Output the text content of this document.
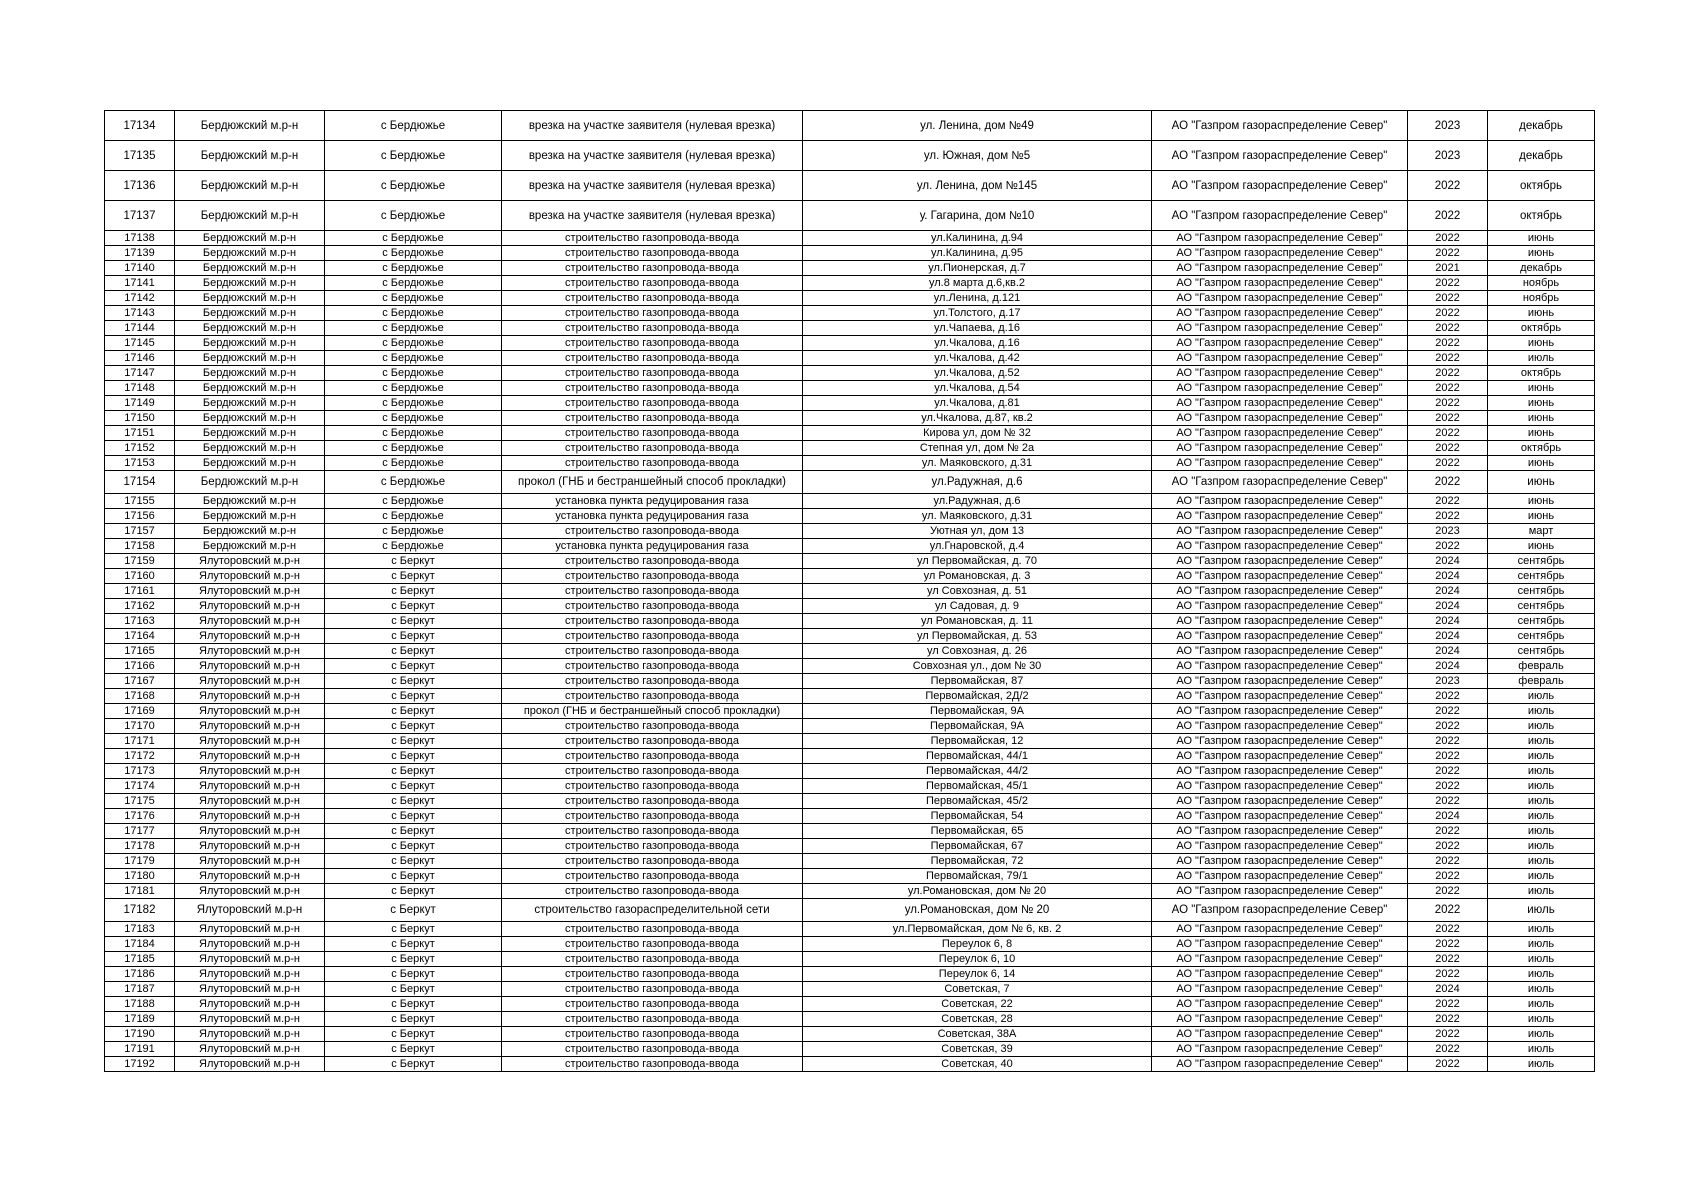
17134	Бердюжский м.р-н	с Бердюжье	врезка на участке заявителя (нулевая врезка)	ул. Ленина, дом №49	АО "Газпром газораспределение Север"	2023	декабрь
17135	Бердюжский м.р-н	с Бердюжье	врезка на участке заявителя (нулевая врезка)	ул. Южная, дом №5	АО "Газпром газораспределение Север"	2023	декабрь
17136	Бердюжский м.р-н	с Бердюжье	врезка на участке заявителя (нулевая врезка)	ул. Ленина, дом №145	АО "Газпром газораспределение Север"	2022	октябрь
17137	Бердюжский м.р-н	с Бердюжье	врезка на участке заявителя (нулевая врезка)	у. Гагарина, дом №10	АО "Газпром газораспределение Север"	2022	октябрь
17138	Бердюжский м.р-н	с Бердюжье	строительство газопровода-ввода	ул.Калинина, д.94	АО "Газпром газораспределение Север"	2022	июнь
17139	Бердюжский м.р-н	с Бердюжье	строительство газопровода-ввода	ул.Калинина, д.95	АО "Газпром газораспределение Север"	2022	июнь
17140	Бердюжский м.р-н	с Бердюжье	строительство газопровода-ввода	ул.Пионерская, д.7	АО "Газпром газораспределение Север"	2021	декабрь
17141	Бердюжский м.р-н	с Бердюжье	строительство газопровода-ввода	ул.8 марта д.6,кв.2	АО "Газпром газораспределение Север"	2022	ноябрь
17142	Бердюжский м.р-н	с Бердюжье	строительство газопровода-ввода	ул.Ленина, д.121	АО "Газпром газораспределение Север"	2022	ноябрь
17143	Бердюжский м.р-н	с Бердюжье	строительство газопровода-ввода	ул.Толстого, д.17	АО "Газпром газораспределение Север"	2022	июнь
17144	Бердюжский м.р-н	с Бердюжье	строительство газопровода-ввода	ул.Чапаева, д.16	АО "Газпром газораспределение Север"	2022	октябрь
17145	Бердюжский м.р-н	с Бердюжье	строительство газопровода-ввода	ул.Чкалова, д.16	АО "Газпром газораспределение Север"	2022	июнь
17146	Бердюжский м.р-н	с Бердюжье	строительство газопровода-ввода	ул.Чкалова, д.42	АО "Газпром газораспределение Север"	2022	июль
17147	Бердюжский м.р-н	с Бердюжье	строительство газопровода-ввода	ул.Чкалова, д.52	АО "Газпром газораспределение Север"	2022	октябрь
17148	Бердюжский м.р-н	с Бердюжье	строительство газопровода-ввода	ул.Чкалова, д.54	АО "Газпром газораспределение Север"	2022	июнь
17149	Бердюжский м.р-н	с Бердюжье	строительство газопровода-ввода	ул.Чкалова, д.81	АО "Газпром газораспределение Север"	2022	июнь
17150	Бердюжский м.р-н	с Бердюжье	строительство газопровода-ввода	ул.Чкалова, д.87, кв.2	АО "Газпром газораспределение Север"	2022	июнь
17151	Бердюжский м.р-н	с Бердюжье	строительство газопровода-ввода	Кирова ул, дом № 32	АО "Газпром газораспределение Север"	2022	июнь
17152	Бердюжский м.р-н	с Бердюжье	строительство газопровода-ввода	Степная ул, дом № 2а	АО "Газпром газораспределение Север"	2022	октябрь
17153	Бердюжский м.р-н	с Бердюжье	строительство газопровода-ввода	ул. Маяковского, д.31	АО "Газпром газораспределение Север"	2022	июнь
17154	Бердюжский м.р-н	с Бердюжье	прокол (ГНБ и бестраншейный способ прокладки)	ул.Радужная, д.6	АО "Газпром газораспределение Север"	2022	июнь
17155	Бердюжский м.р-н	с Бердюжье	установка пункта редуцирования газа	ул.Радужная, д.6	АО "Газпром газораспределение Север"	2022	июнь
17156	Бердюжский м.р-н	с Бердюжье	установка пункта редуцирования газа	ул. Маяковского, д.31	АО "Газпром газораспределение Север"	2022	июнь
17157	Бердюжский м.р-н	с Бердюжье	строительство газопровода-ввода	Уютная ул, дом 13	АО "Газпром газораспределение Север"	2023	март
17158	Бердюжский м.р-н	с Бердюжье	установка пункта редуцирования газа	ул.Гнаровской, д.4	АО "Газпром газораспределение Север"	2022	июнь
17159	Ялуторовский м.р-н	с Беркут	строительство газопровода-ввода	ул Первомайская, д. 70	АО "Газпром газораспределение Север"	2024	сентябрь
17160	Ялуторовский м.р-н	с Беркут	строительство газопровода-ввода	ул Романовская, д. 3	АО "Газпром газораспределение Север"	2024	сентябрь
17161	Ялуторовский м.р-н	с Беркут	строительство газопровода-ввода	ул Совхозная, д. 51	АО "Газпром газораспределение Север"	2024	сентябрь
17162	Ялуторовский м.р-н	с Беркут	строительство газопровода-ввода	ул Садовая, д. 9	АО "Газпром газораспределение Север"	2024	сентябрь
17163	Ялуторовский м.р-н	с Беркут	строительство газопровода-ввода	ул Романовская, д. 11	АО "Газпром газораспределение Север"	2024	сентябрь
17164	Ялуторовский м.р-н	с Беркут	строительство газопровода-ввода	ул Первомайская, д. 53	АО "Газпром газораспределение Север"	2024	сентябрь
17165	Ялуторовский м.р-н	с Беркут	строительство газопровода-ввода	ул Совхозная, д. 26	АО "Газпром газораспределение Север"	2024	сентябрь
17166	Ялуторовский м.р-н	с Беркут	строительство газопровода-ввода	Совхозная ул., дом № 30	АО "Газпром газораспределение Север"	2024	февраль
17167	Ялуторовский м.р-н	с Беркут	строительство газопровода-ввода	Первомайская, 87	АО "Газпром газораспределение Север"	2023	февраль
17168	Ялуторовский м.р-н	с Беркут	строительство газопровода-ввода	Первомайская, 2Д/2	АО "Газпром газораспределение Север"	2022	июль
17169	Ялуторовский м.р-н	с Беркут	прокол (ГНБ и бестраншейный способ прокладки)	Первомайская, 9А	АО "Газпром газораспределение Север"	2022	июль
17170	Ялуторовский м.р-н	с Беркут	строительство газопровода-ввода	Первомайская, 9А	АО "Газпром газораспределение Север"	2022	июль
17171	Ялуторовский м.р-н	с Беркут	строительство газопровода-ввода	Первомайская, 12	АО "Газпром газораспределение Север"	2022	июль
17172	Ялуторовский м.р-н	с Беркут	строительство газопровода-ввода	Первомайская, 44/1	АО "Газпром газораспределение Север"	2022	июль
17173	Ялуторовский м.р-н	с Беркут	строительство газопровода-ввода	Первомайская, 44/2	АО "Газпром газораспределение Север"	2022	июль
17174	Ялуторовский м.р-н	с Беркут	строительство газопровода-ввода	Первомайская, 45/1	АО "Газпром газораспределение Север"	2022	июль
17175	Ялуторовский м.р-н	с Беркут	строительство газопровода-ввода	Первомайская, 45/2	АО "Газпром газораспределение Север"	2022	июль
17176	Ялуторовский м.р-н	с Беркут	строительство газопровода-ввода	Первомайская, 54	АО "Газпром газораспределение Север"	2024	июль
17177	Ялуторовский м.р-н	с Беркут	строительство газопровода-ввода	Первомайская, 65	АО "Газпром газораспределение Север"	2022	июль
17178	Ялуторовский м.р-н	с Беркут	строительство газопровода-ввода	Первомайская, 67	АО "Газпром газораспределение Север"	2022	июль
17179	Ялуторовский м.р-н	с Беркут	строительство газопровода-ввода	Первомайская, 72	АО "Газпром газораспределение Север"	2022	июль
17180	Ялуторовский м.р-н	с Беркут	строительство газопровода-ввода	Первомайская, 79/1	АО "Газпром газораспределение Север"	2022	июль
17181	Ялуторовский м.р-н	с Беркут	строительство газопровода-ввода	ул.Романовская, дом № 20	АО "Газпром газораспределение Север"	2022	июль
17182	Ялуторовский м.р-н	с Беркут	строительство газораспределительной сети	ул.Романовская, дом № 20	АО "Газпром газораспределение Север"	2022	июль
17183	Ялуторовский м.р-н	с Беркут	строительство газопровода-ввода	ул.Первомайская, дом № 6, кв. 2	АО "Газпром газораспределение Север"	2022	июль
17184	Ялуторовский м.р-н	с Беркут	строительство газопровода-ввода	Переулок 6, 8	АО "Газпром газораспределение Север"	2022	июль
17185	Ялуторовский м.р-н	с Беркут	строительство газопровода-ввода	Переулок 6, 10	АО "Газпром газораспределение Север"	2022	июль
17186	Ялуторовский м.р-н	с Беркут	строительство газопровода-ввода	Переулок 6, 14	АО "Газпром газораспределение Север"	2022	июль
17187	Ялуторовский м.р-н	с Беркут	строительство газопровода-ввода	Советская, 7	АО "Газпром газораспределение Север"	2024	июль
17188	Ялуторовский м.р-н	с Беркут	строительство газопровода-ввода	Советская, 22	АО "Газпром газораспределение Север"	2022	июль
17189	Ялуторовский м.р-н	с Беркут	строительство газопровода-ввода	Советская, 28	АО "Газпром газораспределение Север"	2022	июль
17190	Ялуторовский м.р-н	с Беркут	строительство газопровода-ввода	Советская, 38А	АО "Газпром газораспределение Север"	2022	июль
17191	Ялуторовский м.р-н	с Беркут	строительство газопровода-ввода	Советская, 39	АО "Газпром газораспределение Север"	2022	июль
17192	Ялуторовский м.р-н	с Беркут	строительство газопровода-ввода	Советская, 40	АО "Газпром газораспределение Север"	2022	июль
